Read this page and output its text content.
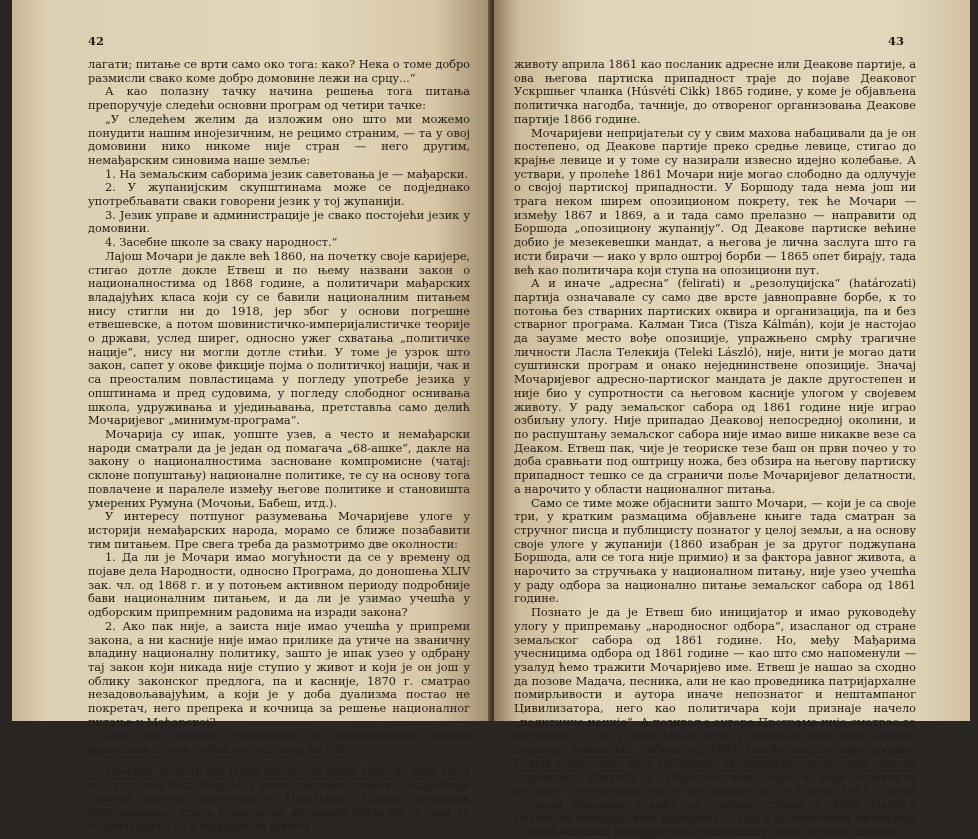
42

лагати; питање се врти само око тога: како? Нека о томе добро размисли свако коме добро домовине лежи на срцу...“

А као полазну тачку начина решења тога питања препоручује следећи основни програм од четири тачке:

„У следећем желим да изложим оно што ми можемо понудити нашим инојезичним, не рецимо страним, — та у овој домовини нико никоме није стран — него другим, немађарским синовима наше земље:

1. На земаљским саборима језик саветовања је — мађарски.

2. У жупанијским скупштинама може се подједнако употребљавати сваки говорени језик у тој жупанији.

3. Језик управе и администрације је свако постојећи језик у домовини.

4. Засебне школе за сваку народност.“

Лајош Мочари је дакле већ 1860, на почетку своје каријере, стигао дотле докле Етвеш и по њему названи закон о националностима од 1868 године, а политичари мађарских владајућих класа који су се бавили националним питањем нису стигли ни до 1918, јер због у основи погрешне етвешевске, а потом шовинистичко-империјалистичке теорије о држави, услед ширег, односно ужег схватања „политичке нације“, нису ни могли дотле стићи. У томе је узрок што закон, сапет у окове фикције појма о политичкој нацији, чак и са преосталим повластицама у погледу употребе језика у општинама и пред судовима, у погледу слободног оснивања школа, удруживања и уједињавања, претставља само делић Мочаријевог „минимум-програма“.

Мочарија су ипак, уопште узев, а често и немађарски народи сматрали да је један од помагача „68-ашке“, дакле на закону о националностима засноване компромисне (чатај: склоне попуштању) националне политике, те су на основу тога повлачене и паралеле између његове политике и становишта умерених Румуна (Мочоњи, Бабеш, итд.).

У интересу потпуног разумевања Мочаријеве улоге у историји немађарских народа, морамо се ближе позабавити тим питањем. Пре свега треба да размотримо две околности:

1. Да ли је Мочари имао могућности да се у времену од појаве дела Народности, односно Програма, до доношења XLIV зак. чл. од 1868 г. и у потоњем активном периоду подробније бави националним питањем, и да ли је узимао учешћа у одборским припремним радовима на изради закона?

2. Ако пак није, а заиста није имао учешћа у припреми закона, а ни касније није имао прилике да утиче на званичну владину националну политику, зашто је ипак узео у одбрану тај закон који никада није ступио у живот и који је он још у облику законског предлога, па и касније, 1870 г. сматрао незадовољавајућим, а који је у доба дуализма постао не покретач, него препрека и кочница за решење националног питања у Мађарској?

Ако ова питања повежемо са Мочаријевим даљим животним путем, добићемо одговор на оба.

Мочари, политички јавни писац, од краја 1860 до маја 1861 на ступцима Pesti Napló-а у више уводних чланака подробније тумачи начела изнесена у Програму. Млади посланик Мезекевешког среза Боршодске жупаније (било му је тада 35 година) јавља се у мађарском јавном

43

животу априла 1861 као посланик адресне или Деакове партије, а ова његова партиска припадност траје до појаве Деаковог Ускршњег чланка (Húsvéti Cikk) 1865 године, у коме је објављена политичка нагодба, тачније, до отвореног организовања Деакове партије 1866 године.

Мочаријеви непријатељи су у свим махова набацивали да је он постепено, од Деакове партије преко средње левице, стигао до крајње левице и у томе су назирали извесно идејно колебање. А уствари, у пролеће 1861 Мочари није могао слободно да одлучује о својој партиској припадности. У Боршоду тада нема још ни трага неком ширем опозиционом покрету, тек ће Мочари — између 1867 и 1869, а и тада само прелазно — направити од Боршода „опозициону жупанију“. Од Деакове партиске већине добио је мезекевешки мандат, а његова је лична заслуга што га исти бирачи — иако у врло оштрој борби — 1865 опет бирају, тада већ као политичара који ступа на опозициони пут.

А и иначе „адресна“ (feliratі) и „резолуцијска“ (határozati) партија означавале су само две врсте јавноправне борбе, к то потоња без стварних партиских оквира и организација, па и без стварног програма. Калман Тиса (Tisza Kálmán), који је настојао да заузме место вође опозиције, упражњено смрћу трагичне личности Ласла Телекија (Teleki László), није, нити је могао дати суштински програм и онако неједнинствене опозиције. Значај Мочаријевог адресно-партиског мандата је дакле другостепен и није био у супротности са његовом касније улогом у својевем животу. У раду земаљског сабора од 1861 године није играо озбиљну улогу. Није припадао Деаковој непосредној околини, и по распуштању земаљског сабора није имао више никакве везе са Деаком. Етвеш пак, чије је теориске тезе баш он први почео у то доба сравњати под оштрицу ножа, без обзира на његову партиску припадност тешко се да сграничи поље Мочаријевог делатности, а нарочито у области националног питања.

Само се тиме може објаснити зашто Мочари, — који је са своје три, у кратким размацима објављене књиге тада сматран за стручног писца и публицисту познатог у целој земљи, а на основу своје улоге у жупанији (1860 изабран је за другог поджупана Боршода, али се тога није примио) и за фактора јавног живота, а нарочито за стручњака у националном питању, није узео учешћа у раду одбора за национално питање земаљског сабора од 1861 године.

Познато је да је Етвеш био иницијатор и имао руководећу улогу у припремању „народносног одбора“, изасланог од стране земаљског сабора од 1861 године. Но, међу Мађарима учесницима одбора од 1861 године — као што смо напоменули — узалуд ћемо тражити Мочаријево име. Етвеш је нашао за сходно да позове Мадача, песника, али не као проведника патријархалне помирљивости и аутора иначе непознатог и нештампаног Цивилизатора, него као политичара који признаје начело „политичке нације“. А позиваље аутора Програма није сматрао за потребно, и то у опај одбор који у кратком али таке битном периоду земаљског сабора од 1861 такође ништа није урадио. Етвеш очигледно није заборавио Мочаријеву оштру, али сваком оправдану критику у Народностима, која и није одјекнула потпуно безуспешно, јер је изгледало да се Етвеш 1861 у свом јесењем уводном чланку од читаве стране у Pesti Napló-у упућеном немађарским народима — бар у делимичним питањима — приближавао Мочаријевом становишту, боље речено јавном
